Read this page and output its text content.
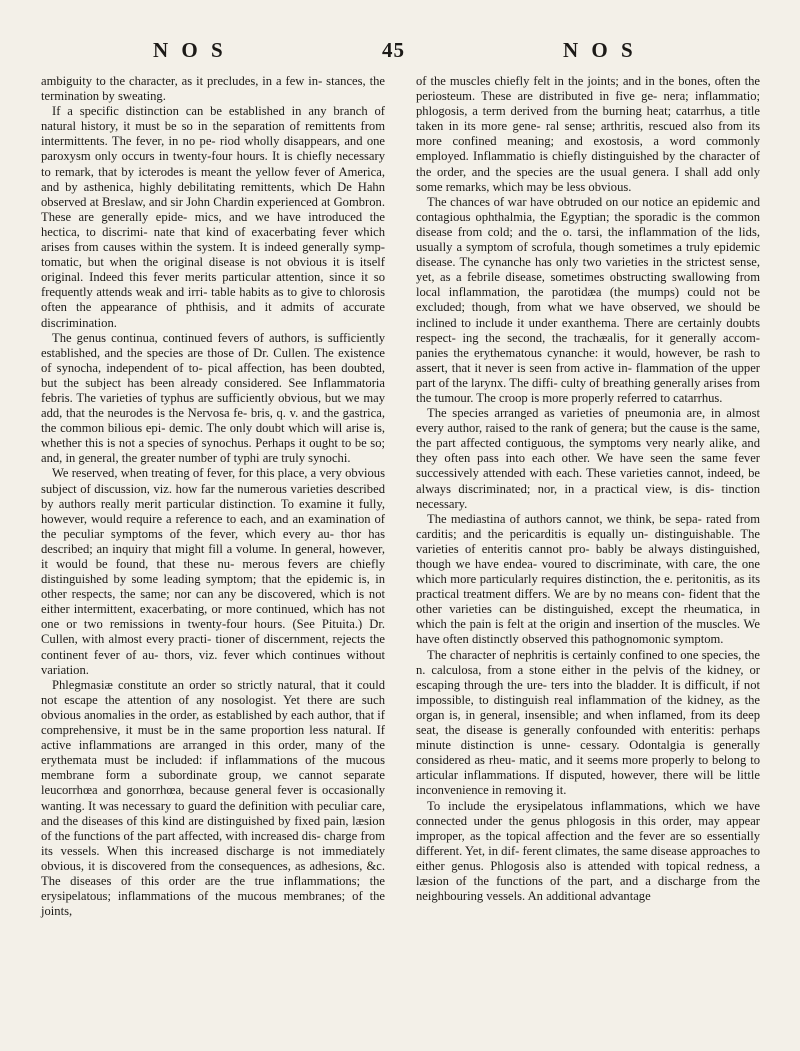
N O S	45	N O S

ambiguity to the character, as it precludes, in a few in- stances, the termination by sweating.

If a specific distinction can be established in any branch of natural history, it must be so in the separation of remittents from intermittents. The fever, in no pe- riod wholly disappears, and one paroxysm only occurs in twenty-four hours. It is chiefly necessary to remark, that by icterodes is meant the yellow fever of America, and by asthenica, highly debilitating remittents, which De Hahn observed at Breslaw, and sir John Chardin experienced at Gombron. These are generally epide- mics, and we have introduced the hectica, to discrimi- nate that kind of exacerbating fever which arises from causes within the system. It is indeed generally symp- tomatic, but when the original disease is not obvious it is itself original. Indeed this fever merits particular attention, since it so frequently attends weak and irri- table habits as to give to chlorosis often the appearance of phthisis, and it admits of accurate discrimination.

The genus continua, continued fevers of authors, is sufficiently established, and the species are those of Dr. Cullen. The existence of synocha, independent of to- pical affection, has been doubted, but the subject has been already considered. See Inflammatoria febris. The varieties of typhus are sufficiently obvious, but we may add, that the neurodes is the Nervosa fe- bris, q. v. and the gastrica, the common bilious epi- demic. The only doubt which will arise is, whether this is not a species of synochus. Perhaps it ought to be so; and, in general, the greater number of typhi are truly synochi.

We reserved, when treating of fever, for this place, a very obvious subject of discussion, viz. how far the numerous varieties described by authors really merit particular distinction. To examine it fully, however, would require a reference to each, and an examination of the peculiar symptoms of the fever, which every au- thor has described; an inquiry that might fill a volume. In general, however, it would be found, that these nu- merous fevers are chiefly distinguished by some leading symptom; that the epidemic is, in other respects, the same; nor can any be discovered, which is not either intermittent, exacerbating, or more continued, which has not one or two remissions in twenty-four hours. (See Pituita.) Dr. Cullen, with almost every practi- tioner of discernment, rejects the continent fever of au- thors, viz. fever which continues without variation.

Phlegmasiæ constitute an order so strictly natural, that it could not escape the attention of any nosologist. Yet there are such obvious anomalies in the order, as established by each author, that if comprehensive, it must be in the same proportion less natural. If active inflammations are arranged in this order, many of the erythemata must be included: if inflammations of the mucous membrane form a subordinate group, we cannot separate leucorrhœa and gonorrhœa, because general fever is occasionally wanting. It was necessary to guard the definition with peculiar care, and the diseases of this kind are distinguished by fixed pain, læsion of the functions of the part affected, with increased dis- charge from its vessels. When this increased discharge is not immediately obvious, it is discovered from the consequences, as adhesions, &c. The diseases of this order are the true inflammations; the erysipelatous; inflammations of the mucous membranes; of the joints,

of the muscles chiefly felt in the joints; and in the bones, often the periosteum. These are distributed in five ge- nera; inflammatio; phlogosis, a term derived from the burning heat; catarrhus, a title taken in its more gene- ral sense; arthritis, rescued also from its more confined meaning; and exostosis, a word commonly employed. Inflammatio is chiefly distinguished by the character of the order, and the species are the usual genera. I shall add only some remarks, which may be less obvious.

The chances of war have obtruded on our notice an epidemic and contagious ophthalmia, the Egyptian; the sporadic is the common disease from cold; and the o. tarsi, the inflammation of the lids, usually a symptom of scrofula, though sometimes a truly epidemic disease. The cynanche has only two varieties in the strictest sense, yet, as a febrile disease, sometimes obstructing swallowing from local inflammation, the parotidæa (the mumps) could not be excluded; though, from what we have observed, we should be inclined to include it under exanthema. There are certainly doubts respect- ing the second, the trachæalis, for it generally accom- panies the erythematous cynanche: it would, however, be rash to assert, that it never is seen from active in- flammation of the upper part of the larynx. The diffi- culty of breathing generally arises from the tumour. The croop is more properly referred to catarrhus.

The species arranged as varieties of pneumonia are, in almost every author, raised to the rank of genera; but the cause is the same, the part affected contiguous, the symptoms very nearly alike, and they often pass into each other. We have seen the same fever successively attended with each. These varieties cannot, indeed, be always discriminated; nor, in a practical view, is dis- tinction necessary.

The mediastina of authors cannot, we think, be sepa- rated from carditis; and the pericarditis is equally un- distinguishable. The varieties of enteritis cannot pro- bably be always distinguished, though we have endea- voured to discriminate, with care, the one which more particularly requires distinction, the e. peritonitis, as its practical treatment differs. We are by no means con- fident that the other varieties can be distinguished, except the rheumatica, in which the pain is felt at the origin and insertion of the muscles. We have often distinctly observed this pathognomonic symptom.

The character of nephritis is certainly confined to one species, the n. calculosa, from a stone either in the pelvis of the kidney, or escaping through the ure- ters into the bladder. It is difficult, if not impossible, to distinguish real inflammation of the kidney, as the organ is, in general, insensible; and when inflamed, from its deep seat, the disease is generally confounded with enteritis: perhaps minute distinction is unne- cessary. Odontalgia is generally considered as rheu- matic, and it seems more properly to belong to articular inflammations. If disputed, however, there will be little inconvenience in removing it.

To include the erysipelatous inflammations, which we have connected under the genus phlogosis in this order, may appear improper, as the topical affection and the fever are so essentially different. Yet, in dif- ferent climates, the same disease approaches to either genus. Phlogosis also is attended with topical redness, a læsion of the functions of the part, and a discharge from the neighbouring vessels. An additional advantage
